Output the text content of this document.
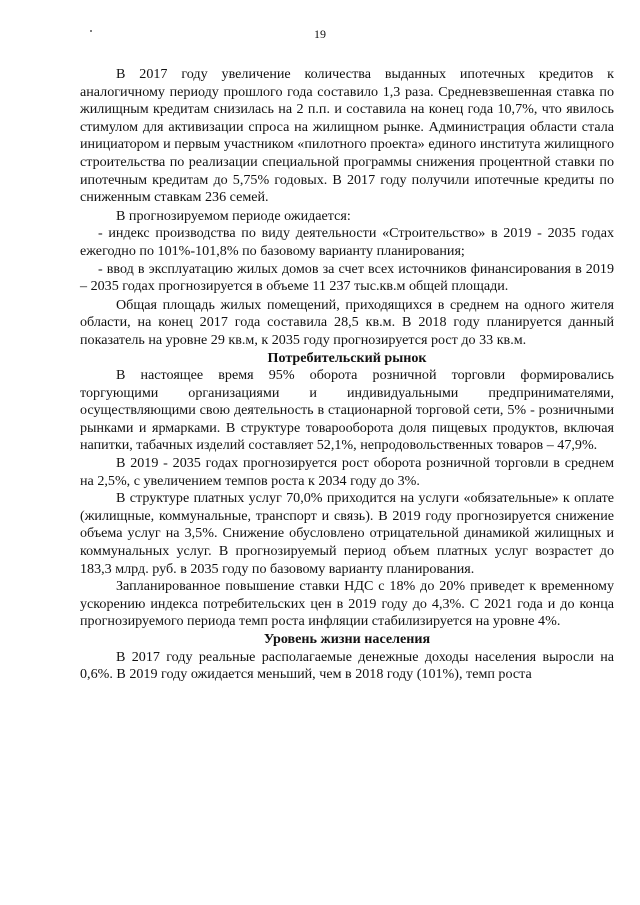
19

В 2017 году увеличение количества выданных ипотечных кредитов к аналогичному периоду прошлого года составило 1,3 раза. Средневзвешенная ставка по жилищным кредитам снизилась на 2 п.п. и составила на конец года 10,7%, что явилось стимулом для активизации спроса на жилищном рынке. Администрация области стала инициатором и первым участником «пилотного проекта» единого института жилищного строительства по реализации специальной программы снижения процентной ставки по ипотечным кредитам до 5,75% годовых. В 2017 году получили ипотечные кредиты по сниженным ставкам 236 семей.

В прогнозируемом периоде ожидается:

- индекс производства по виду деятельности «Строительство» в 2019 - 2035 годах ежегодно по 101%-101,8% по базовому варианту планирования;

- ввод в эксплуатацию жилых домов за счет всех источников финансирования в 2019 – 2035 годах прогнозируется в объеме 11 237 тыс.кв.м общей площади.

Общая площадь жилых помещений, приходящихся в среднем на одного жителя области, на конец 2017 года составила 28,5 кв.м. В 2018 году планируется данный показатель на уровне 29 кв.м, к 2035 году прогнозируется рост до 33 кв.м.

Потребительский рынок

В настоящее время 95% оборота розничной торговли формировались торгующими организациями и индивидуальными предпринимателями, осуществляющими свою деятельность в стационарной торговой сети, 5% - розничными рынками и ярмарками. В структуре товарооборота доля пищевых продуктов, включая напитки, табачных изделий составляет 52,1%, непродовольственных товаров – 47,9%.

В 2019 - 2035 годах прогнозируется рост оборота розничной торговли в среднем на 2,5%, с увеличением темпов роста к 2034 году до 3%.

В структуре платных услуг 70,0% приходится на услуги «обязательные» к оплате (жилищные, коммунальные, транспорт и связь). В 2019 году прогнозируется снижение объема услуг на 3,5%. Снижение обусловлено отрицательной динамикой жилищных и коммунальных услуг. В прогнозируемый период объем платных услуг возрастет до 183,3 млрд. руб. в 2035 году по базовому варианту планирования.

Запланированное повышение ставки НДС с 18% до 20% приведет к временному ускорению индекса потребительских цен в 2019 году до 4,3%. С 2021 года и до конца прогнозируемого периода темп роста инфляции стабилизируется на уровне 4%.

Уровень жизни населения

В 2017 году реальные располагаемые денежные доходы населения выросли на 0,6%. В 2019 году ожидается меньший, чем в 2018 году (101%), темп роста
